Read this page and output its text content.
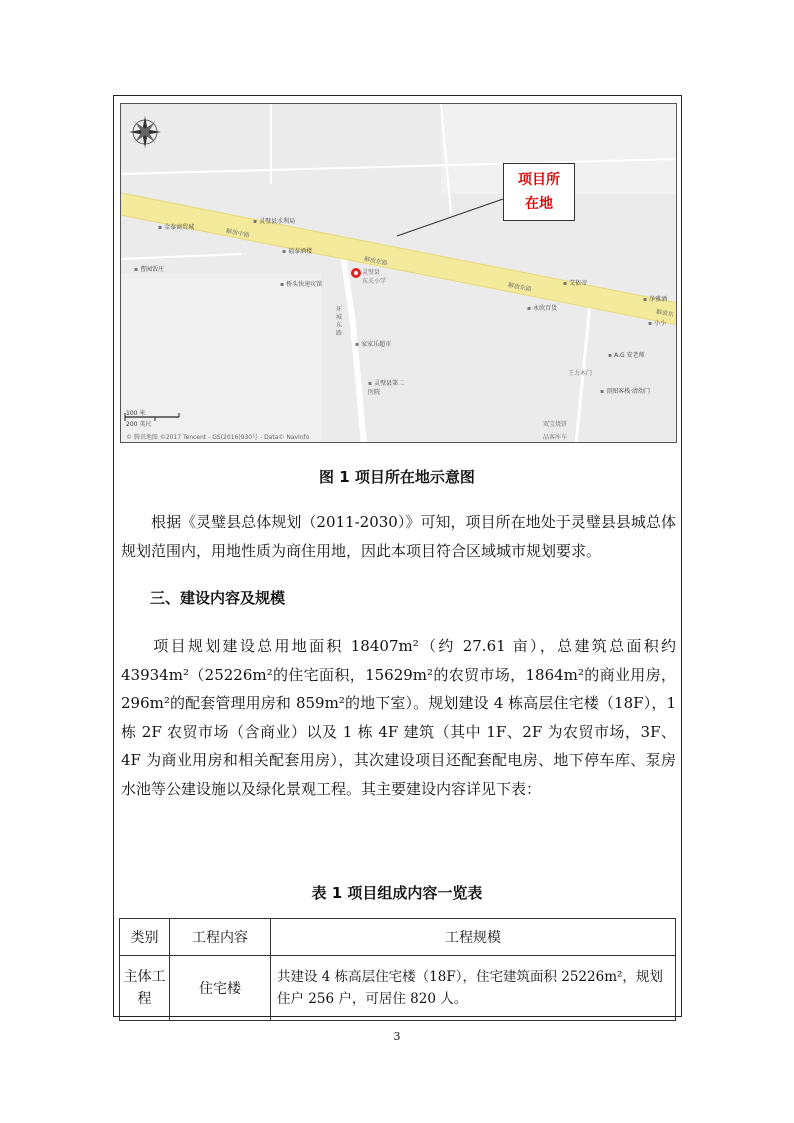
▪ 灵璧县水利局
▪ 金泰商贸城
▪ 福泰酒楼
▪ 曹园饭庄
▪ 桥头快速宾馆
灵璧县
东关小学
▪ 家家乐超市
▪ 灵璧县第二医院
▪ 艾依帝
▪ 永欣百货
▪ 净雅酒
▪ A.G 安老师
王力木门
▪ 顶图客栈·清幼门
双宝烧饼
品客库车
▪ 小小
解放中路
解放东路
解放东路
环城东路
解放东
项目所
在地
100 米
200 英尺
© 腾讯地图 ©2017 Tencent - GS(2016)930号 - Data© NavInfo
图 1 项目所在地示意图

根据《灵璧县总体规划（2011-2030）》可知，项目所在地处于灵璧县县城总体规划范围内，用地性质为商住用地，因此本项目符合区域城市规划要求。

三、建设内容及规模

项目规划建设总用地面积 18407m²（约 27.61 亩），总建筑总面积约 43934m²（25226m²的住宅面积，15629m²的农贸市场，1864m²的商业用房，296m²的配套管理用房和 859m²的地下室）。规划建设 4 栋高层住宅楼（18F），1 栋 2F 农贸市场（含商业）以及 1 栋 4F 建筑（其中 1F、2F 为农贸市场，3F、4F 为商业用房和相关配套用房），其次建设项目还配套配电房、地下停车库、泵房水池等公建设施以及绿化景观工程。其主要建设内容详见下表：

表 1 项目组成内容一览表
类别	工程内容	工程规模
主体工程	住宅楼	共建设 4 栋高层住宅楼（18F），住宅建筑面积 25226m²，规划住户 256 户，可居住 820 人。
3
